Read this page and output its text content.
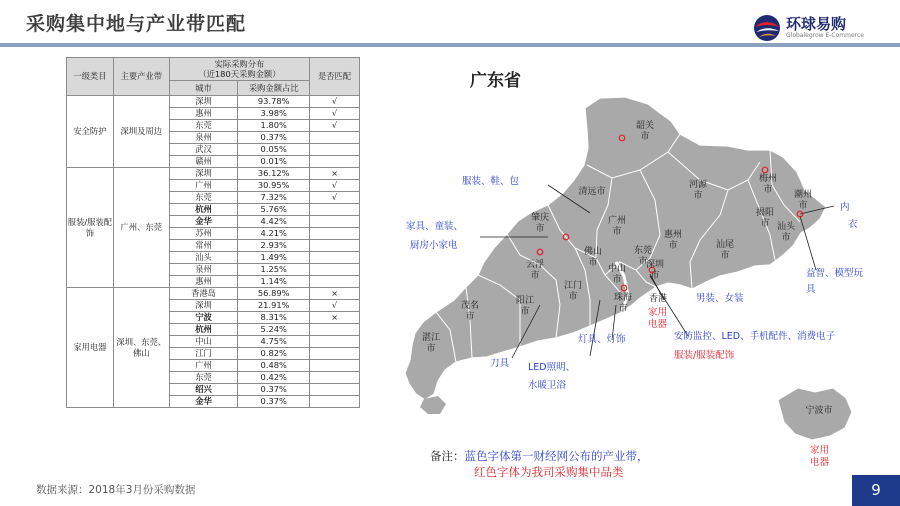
采购集中地与产业带匹配	环球易购
Globalegrow E-Commerce
一级类目	主要产业带	实际采购分布
（近180天采购金额）		是否匹配
		城市	采购金额占比	
安全防护	深圳及周边	深圳	93.78%	√
		惠州	3.98%	√
		东莞	1.80%	√
		泉州	0.37%	
		武汉	0.05%	
		赣州	0.01%	
服装/服装配饰	广州、东莞	深圳	36.12%	×
		广州	30.95%	√
		东莞	7.32%	√
		杭州	5.76%	
		金华	4.42%	
		苏州	4.21%	
		常州	2.93%	
		汕头	1.49%	
		泉州	1.25%	
		惠州	1.14%	
家用电器	深圳、东莞、佛山	香港岛	56.89%	×
		深圳	21.91%	√
		宁波	8.31%	×
		杭州	5.24%	
		中山	4.75%	
		江门	0.82%	
		广州	0.48%	
		东莞	0.42%	
		绍兴	0.37%	
		金华	0.37%	
数据来源：2018年3月份采购数据
广东省
韶关市
清远市
河源市
梅州市	潮州市
揭阳市 汕头市
肇庆市
广州市	惠州市	汕尾市
云浮市
佛山市
东莞市
深圳市
中山市
香港
江门市	珠海市
茂名市
阳江市
湛江市
宁波市
服装、鞋、包
家具、童装、
厨房小家电
男装、女装
安防监控、LED、手机配件、消费电子
灯具、灯饰
刀具 LED照明、
水暖卫浴
益智、模型玩
具
内
衣
家用
电器
服装/服装配饰
家用
电器
备注：蓝色字体第一财经网公布的产业带，
红色字体为我司采购集中品类
9
